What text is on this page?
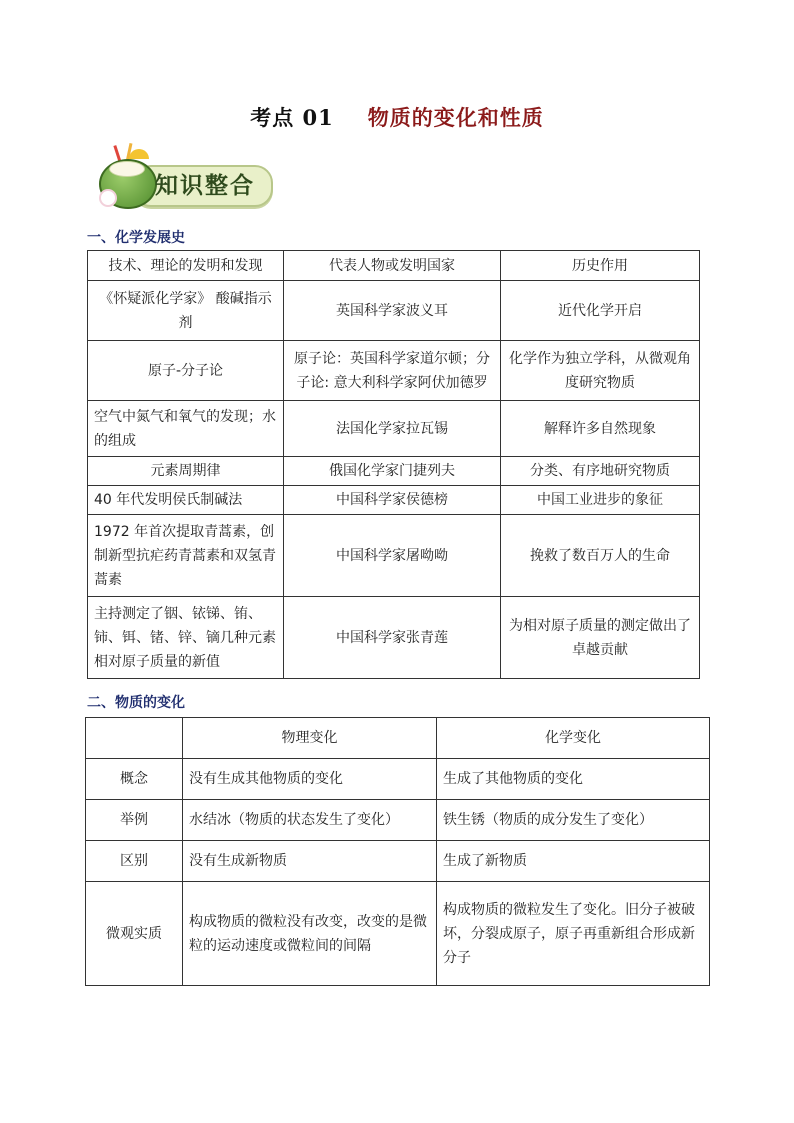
考点 01 物质的变化和性质
知识整合
一、化学发展史
技术、理论的发明和发现	代表人物或发明国家	历史作用
《怀疑派化学家》 酸碱指示剂	英国科学家波义耳	近代化学开启
原子-分子论	原子论：英国科学家道尔顿；分子论: 意大利科学家阿伏加德罗	化学作为独立学科，从微观角度研究物质
空气中氮气和氧气的发现；水的组成	法国化学家拉瓦锡	解释许多自然现象
元素周期律	俄国化学家门捷列夫	分类、有序地研究物质
40 年代发明侯氏制碱法	中国科学家侯德榜	中国工业进步的象征
1972 年首次提取青蒿素，创制新型抗疟药青蒿素和双氢青蒿素	中国科学家屠呦呦	挽救了数百万人的生命
主持测定了铟、铱锑、铕、铈、铒、锗、锌、镝几种元素相对原子质量的新值	中国科学家张青莲	为相对原子质量的测定做出了卓越贡献
二、物质的变化
	物理变化	化学变化
概念	没有生成其他物质的变化	生成了其他物质的变化
举例	水结冰（物质的状态发生了变化）	铁生锈（物质的成分发生了变化）
区别	没有生成新物质	生成了新物质
微观实质	构成物质的微粒没有改变，改变的是微粒的运动速度或微粒间的间隔	构成物质的微粒发生了变化。旧分子被破坏，分裂成原子，原子再重新组合形成新分子
